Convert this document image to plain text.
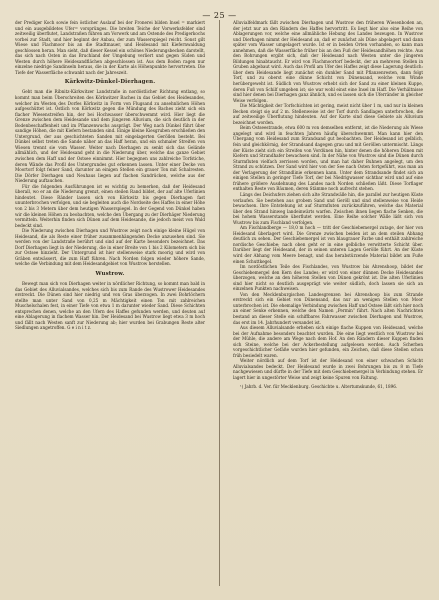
— 25 —

der Prediger Koch sowie fein östlicher Auslauf bei der Fronerei bilden Insel = markiert und ein ausgebildetes Ufer= vorsprünges. Die breiten Teiche der Vorwerksfelder sind zeitweilig überflutet, Landstraßen führen am Vorwerk und am Ostende des Predigerkochs vorbei zur Stadt, und hier beginnt der Anbau, der zum Wasserspiegel reicht. Sonst gilt Wiese und Flachmoor bis an die Stadtmauer, und Heidesand mit Kiefernwaldung geschlossen heran. Man sieht, daß dieser Kessel ein schönes Niederungsbecken darstellt, das sich nach Osten in das Bruchland der Umgebung verliert und gegen Süden und Westen durch höhere Heidesandflächen abgeschlossen ist. Aus dem Boden ragen nur einzelne niedrige Sandinseln heraus, die in der Karte als Höhenpunkte hervortreten. Die Tiefe der Wasserfläche schwankt nach der Jahreszeit.

Kärkwitz-Dünkel-Dierhagen.

Geht man die Ribnitz-Kärkwitzer Landstraße in nordöstlicher Richtung entlang, so kommt man beim Überschreiten des Körkwitzer Baches in das Gebiet des Heidesandes, welcher im Westen des Dorfes Körkwitz in Form von Flugsand zu ansehnlichen Höhen aufgeschüttet ist. Östlich von Körkwitz gegen die Mündung des Baches zieht sich ein flacher Wiesenstreifen hin, der bei Hochwasser überschwemmt wird. Hier liegt die Grenze zwischen dem Heidesande und dem jüngeren Alluvium, die sich deutlich in der Bodenbeschaffenheit und im Pflanzenwuchs ausprägt. Der Weg nach Dünkel führt über sandige Höhen, die mit Kiefern bestanden sind. Einige kleine Kiesgruben erschließen den Untergrund, der aus geschichteten Sanden mit eingelagerten Geröllen besteht. Bei Dünkel selbst treten die Sande näher an das Haff heran, und ein schmaler Streifen von Wiesen trennt sie vom Wasser. Weiter nach Dierhagen zu senkt sich das Gelände allmählich, und der Heidesand geht in die Niederung über, welche das ganze Gebiet zwischen dem Haff und der Ostsee einnimmt. Hier begegnen uns zahlreiche Torfstiche, deren Wände das Profil des Untergrundes gut erkennen lassen. Unter einer Decke von Moortorf folgt feiner Sand, darunter an einigen Stellen ein grauer Ton mit Schalresten. Die Dörfer Dierhagen und Neuhaus liegen auf flachen Sandrücken, welche aus der Niederung auftauchen.

Für die folgenden Ausführungen ist es wichtig zu bemerken, daß der Heidesand überall, wo er an die Niederung grenzt, einen steilen Rand bildet, der auf alte Uferlinien hindeutet. Diese Ränder lassen sich von Körkwitz bis gegen Dierhagen fast ununterbrochen verfolgen, und sie begleiten auch die Nordseite des Haffes in einer Höhe von 2 bis 3 Metern über dem heutigen Wasserspiegel. In der Gegend von Dünkel haben wir die kleinen Höhen zu beobachten, welche den Übergang zu der Dierhäger Niederung vermitteln. Weiterhin finden sich Dünen auf dem Heidesande, die jedoch meist von Wald bedeckt sind.

Die Niederung zwischen Dierhagen und Wustrow zeigt noch einige kleine Hügel von Heidesand, die als Reste einer früher zusammenhängenden Decke anzusehen sind. Sie werden von der Landstraße berührt und sind auf der Karte besonders bezeichnet. Das Dorf Dierhagen liegt in der Niederung, die in einer Breite von 1 bis 2 Kilometern sich bis zur Ostsee hinzieht. Der Untergrund ist hier stellenweise stark moorig und wird von Gräben entwässert, die zum Haff führen. Nach Norden folgen wieder höhere Sande, welche die Verbindung mit dem Heidesandgebiet von Wustrow herstellen.

Wustrow.

Bewegt man sich von Dierhagen weiter in nördlicher Richtung, so kommt man bald in das Gebiet des Alluvialsandes, welches sich bis zum Rande des Wustrower Heidesandes erstreckt. Die Dünen sind hier niedrig und von Gras überzogen. In zwei Bohrlöchern stellte man unter Sand von 0,25 m Mächtigkeit einen Ton mit zahlreichen Muschelschalen fest, in einer Tiefe von etwa 1 m darunter wieder Sand. Diese Schichten entsprechen denen, welche an den Ufern des Haffes gefunden werden, und deuten auf eine Ablagerung in flachem Wasser hin. Der Heidesand bei Wustrow liegt etwa 3 m hoch und fällt nach Westen sanft zur Niederung ab; hier wurden bei Grabungen Reste alter Siedlungen angetroffen. G e i n i t z.

Alluvialfeldmark fällt zwischen Dierhagen und Wustrow den früheren Wiesenboden an, der jetzt nur an den Rändern des Haffes hervortritt. Es liegt hier also eine Reihe von Ablagerungen vor, welche eine allmähliche Hebung des Landes bezeugen. In Wustrow und Dierhagen nimmt der Heidesand an, daß er zunächst als Düne abgelagert und dann später vom Wasser umgelagert wurde. Ist er in beiden Orten vorhanden, so kann man annehmen, daß die Wasserfläche früher bis an den Fuß der Heidesandhöhen reichte. Aus den Bohrungen ergibt sich, daß der Heidesand nach Westen unter die jüngeren Bildungen hinabtaucht. Er wird von Flachmoortorf bedeckt, der an mehreren Stellen in Gruben abgebaut wird. Auch das Profil am Ufer des Haffes zeigt diese Lagerung deutlich: über dem Heidesande liegt zunächst ein dunkler Sand mit Pflanzenresten, dann folgt Torf, und zu oberst eine dünne Schicht von Dünensand, welche vom Winde herübergeweht ist. Südlich von Wustrow erhebt sich der Sand zu einer kleinen Kuppe, deren Fuß von Schilf umgeben ist; sie war wohl einst eine Insel im Haff. Die Verhältnisse sind hier denen bei Dierhagen ganz ähnlich, und es lassen sich die Uferränder in gleicher Weise verfolgen.

Die Mächtigkeit der Torfschichten ist gering, meist nicht über 1 m, und nur in kleinen Becken steigt sie auf 2 m. Stellenweise ist der Torf durch Sandlagen unterbrochen, die auf zeitweilige Überflutung hindeuten. Auf der Karte sind diese Gebiete als Alluvium bezeichnet worden.

Beim Ostseestrande, etwa 600 m von demselben entfernt, ist die Niederung als Wiese angelegt und wird in feuchten Jahren häufig überschwemmt. Man kann hier den Übergang vom Heidesand zum Strandsand gut beobachten. Der Heidesand ist gelblich, fein und gleichkörnig, der Strandsand dagegen grau und mit Geröllen untermischt. Längs der Küste zieht sich ein Streifen von Vordünen hin, hinter denen die höheren Dünen mit Kiefern und Strandhafer bewachsen sind. In der Nähe von Wustrow sind die Dünen durch Sturmfluten vielfach zerrissen worden, und man hat daher Buhnen angelegt, um den Strand zu schützen. Der Sand wird hier von der See nach Osten fortgeführt, was man an der Verlagerung der Strandlinie erkennen kann. Unter dem Strandsande findet sich an einigen Stellen in geringer Tiefe Torf, der bei Niedrigwasser sichtbar wird und auf eine frühere größere Ausdehnung des Landes nach Norden schließen läßt. Diese Torflager enthalten Reste von Bäumen, deren Stämme noch aufrecht stehen.

Längs des Deichufers ziehen sich alte Strandwälle hin, die parallel zur heutigen Küste verlaufen. Sie bestehen aus grobem Sand und Geröll und sind stellenweise von Heide bewachsen. Ihre Entstehung ist auf Sturmfluten zurückzuführen, welche das Material über den Strand hinweg landeinwärts warfen. Zwischen ihnen liegen flache Senken, die bei hohem Wasserstande überflutet werden. Eine Reihe solcher Wälle läßt sich von Wustrow bis zum Fischland verfolgen.

Am Fischlandberge — 18,0 m hoch — tritt der Geschiebemergel zutage, der hier von Heidesand überlagert wird. Die Grenze zwischen beiden ist an dem steilen Abhang deutlich zu sehen. Der Geschiebemergel ist von blaugrauer Farbe und enthält zahlreiche nordische Geschiebe; nach oben geht er in eine gelbliche verwitterte Schicht über. Darüber liegt der Heidesand, der in seinen unteren Lagen Gerölle führt. An der Küste wird der Abhang vom Meere benagt, und das herabstürzende Material bildet am Fuße einen Schuttkegel.

Im nordöstlichen Teile des Fischlandes, von Wustrow bis Ahrenshoop, bildet der Geschiebemergel den Kern des Landes; er wird von einer dünnen Decke Heidesandes überzogen, welche an den höheren Stellen von Dünen gekrönt ist. Die alten Uferlinien sind hier nicht so deutlich ausgeprägt wie weiter südlich, doch lassen sie sich an einzelnen Punkten nachweisen.

Von den Mecklenburgischen Landesgrenzen bei Ahrenshoop bis zum Strande erstreckt sich ein Gebiet von Dünensand, das nur an wenigen Stellen von Moor unterbrochen ist. Die ehemalige Verbindung zwischen Haff und Ostsee läßt sich hier noch an einer Senke erkennen, welche den Namen „Permin“ führt. Nach alten Nachrichten bestand an dieser Stelle ein schiffbares Fahrwasser zwischen Dierhagen und Wustrow, das erst im 14. Jahrhundert versandet ist.

Aus diesem Alluvialsande erheben sich einige flache Kuppen von Heidesand, welche bei der Aufnahme besonders beachtet wurden. Die eine liegt westlich von Wustrow bei der Mühle, die andere am Wege nach dem Hof. An den Rändern dieser Kuppen finden sich Steine, welche bei der Ackerbestellung aufgelesen werden. Auch Scherben vorgeschichtlicher Gefäße wurden hier gefunden, ein Zeichen, daß diese Stellen schon früh besiedelt waren.

Weiter nördlich auf dem Torf ist der Heidesand von einer schwachen Schicht Alluvialsandes bedeckt. Der Heidesand wurde in zwei Bohrungen bis zu 8 m Tiefe nachgewiesen und dürfte in der Tiefe mit dem Geschiebemergel in Verbindung stehen. Er lagert hier in ungestörter Weise und zeigt keine Spuren von Faltung.

¹) Jahrb. d. Ver. für Mecklenburg. Geschichte u. Altertumskunde, 61, 1896.
